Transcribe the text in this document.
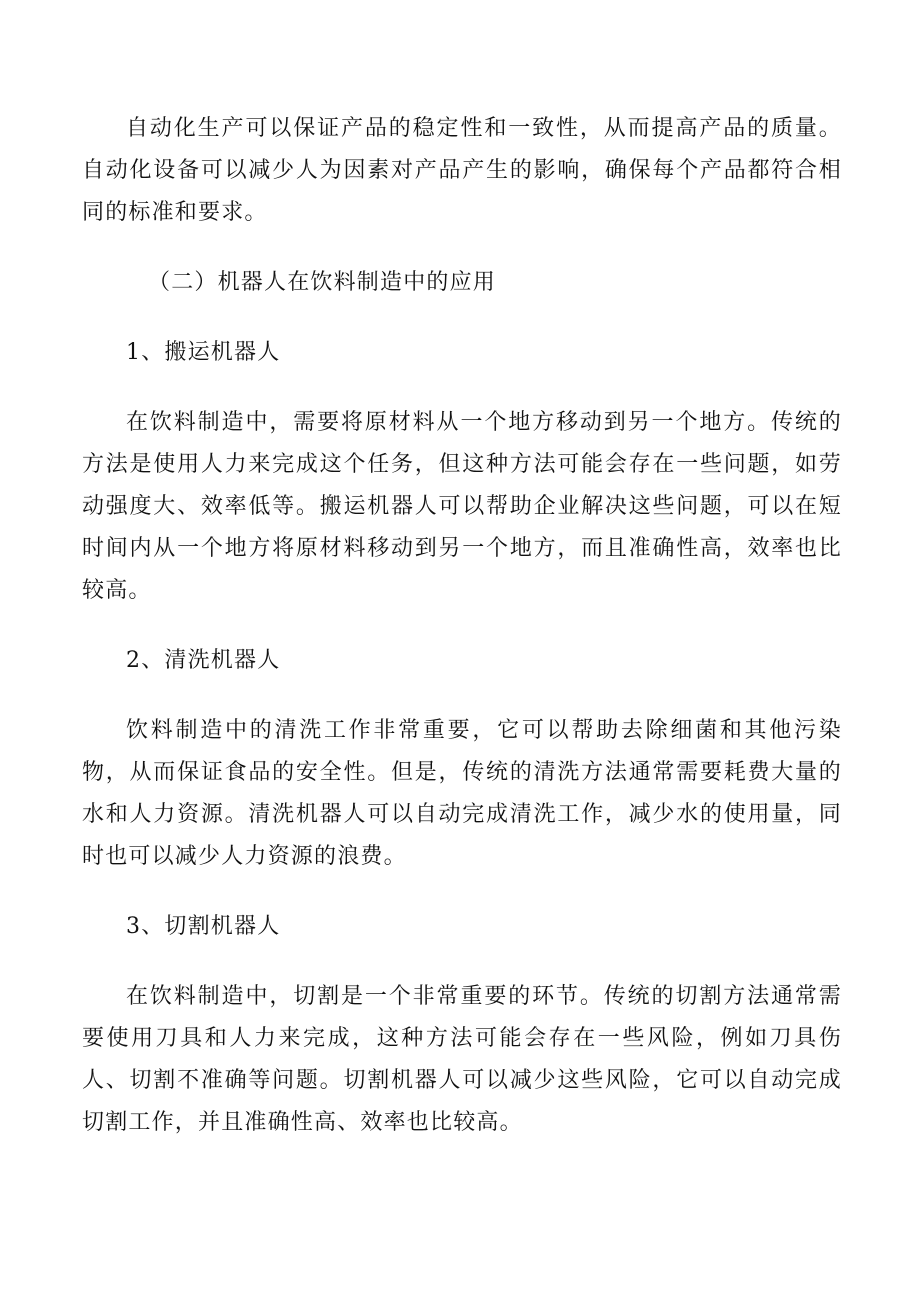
自动化生产可以保证产品的稳定性和一致性，从而提高产品的质量。自动化设备可以减少人为因素对产品产生的影响，确保每个产品都符合相同的标准和要求。

（二）机器人在饮料制造中的应用

1、搬运机器人

在饮料制造中，需要将原材料从一个地方移动到另一个地方。传统的方法是使用人力来完成这个任务，但这种方法可能会存在一些问题，如劳动强度大、效率低等。搬运机器人可以帮助企业解决这些问题，可以在短时间内从一个地方将原材料移动到另一个地方，而且准确性高，效率也比较高。

2、清洗机器人

饮料制造中的清洗工作非常重要，它可以帮助去除细菌和其他污染物，从而保证食品的安全性。但是，传统的清洗方法通常需要耗费大量的水和人力资源。清洗机器人可以自动完成清洗工作，减少水的使用量，同时也可以减少人力资源的浪费。

3、切割机器人

在饮料制造中，切割是一个非常重要的环节。传统的切割方法通常需要使用刀具和人力来完成，这种方法可能会存在一些风险，例如刀具伤人、切割不准确等问题。切割机器人可以减少这些风险，它可以自动完成切割工作，并且准确性高、效率也比较高。
